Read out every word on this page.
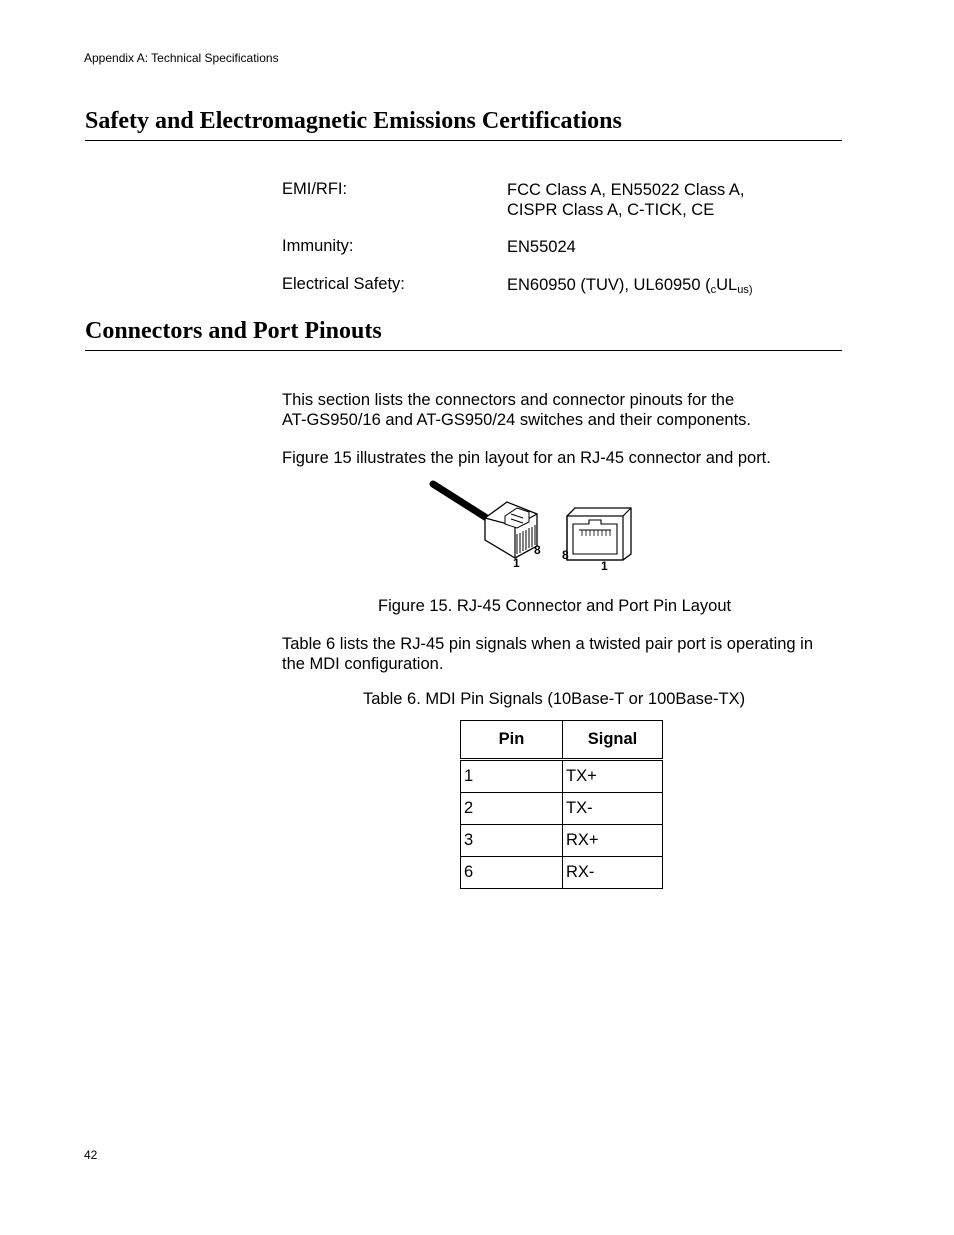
Appendix A: Technical Specifications
Safety and Electromagnetic Emissions Certifications
EMI/RFI:	FCC Class A, EN55022 Class A,
CISPR Class A, C-TICK, CE
Immunity:	EN55024
Electrical Safety:	EN60950 (TUV), UL60950 ($_cUL_{us)}$
Connectors and Port Pinouts
This section lists the connectors and connector pinouts for the
AT-GS950/16 and AT-GS950/24 switches and their components.
Figure 15 illustrates the pin layout for an RJ-45 connector and port.
1
8 8
1
Figure 15. RJ-45 Connector and Port Pin Layout
Table 6 lists the RJ-45 pin signals when a twisted pair port is operating in
the MDI configuration.
Table 6. MDI Pin Signals (10Base-T or 100Base-TX)
Pin	Signal
1	TX+
2	TX-
3	RX+
6	RX-
42
